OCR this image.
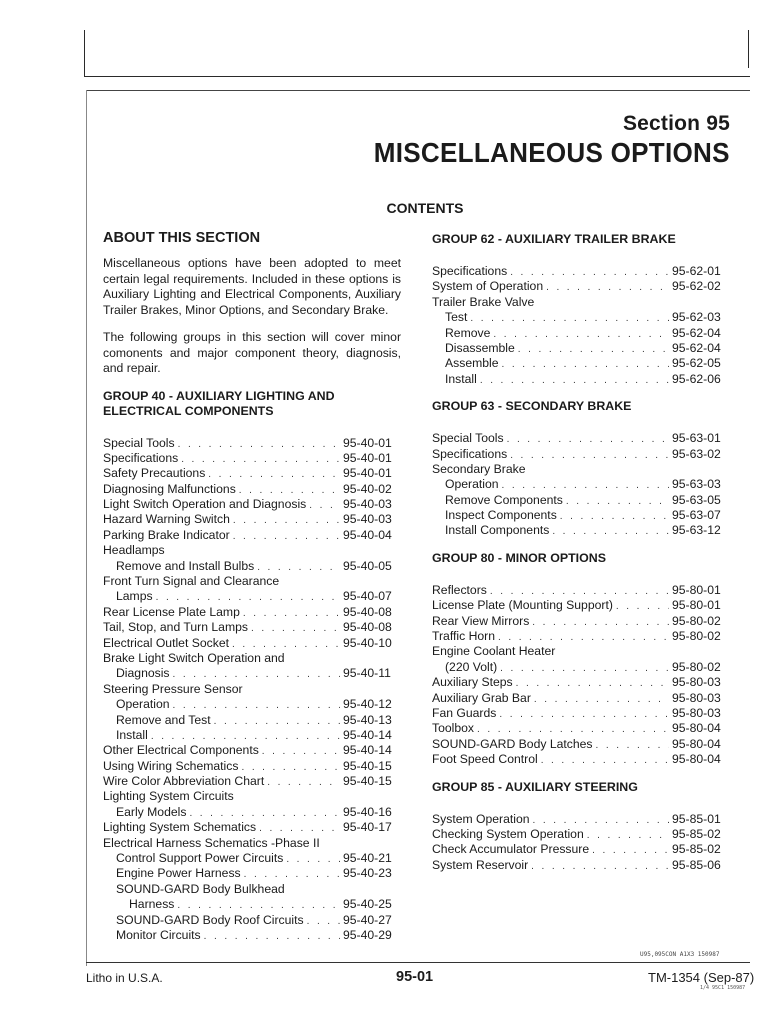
Section 95
MISCELLANEOUS OPTIONS
CONTENTS
ABOUT THIS SECTION
Miscellaneous options have been adopted to meet certain legal requirements. Included in these options is Auxiliary Lighting and Electrical Components, Auxiliary Trailer Brakes, Minor Options, and Secondary Brake.
The following groups in this section will cover minor comonents and major component theory, diagnosis, and repair.
GROUP 40 - AUXILIARY LIGHTING AND
ELECTRICAL COMPONENTS
Special Tools . . .	95-40-01
Specifications . . .	95-40-01
Safety Precautions . . .	95-40-01
Diagnosing Malfunctions . . .	95-40-02
Light Switch Operation and Diagnosis . . .	95-40-03
Hazard Warning Switch . . .	95-40-03
Parking Brake Indicator . . .	95-40-04
Headlamps
Remove and Install Bulbs . . .	95-40-05
Front Turn Signal and Clearance
Lamps . . .	95-40-07
Rear License Plate Lamp . . .	95-40-08
Tail, Stop, and Turn Lamps . . .	95-40-08
Electrical Outlet Socket . . .	95-40-10
Brake Light Switch Operation and
Diagnosis . . .	95-40-11
Steering Pressure Sensor
Operation . . .	95-40-12
Remove and Test . . .	95-40-13
Install . . .	95-40-14
Other Electrical Components . . .	95-40-14
Using Wiring Schematics . . .	95-40-15
Wire Color Abbreviation Chart . . .	95-40-15
Lighting System Circuits
Early Models . . .	95-40-16
Lighting System Schematics . . .	95-40-17
Electrical Harness Schematics -Phase II
Control Support Power Circuits . . .	95-40-21
Engine Power Harness . . .	95-40-23
SOUND-GARD Body Bulkhead
Harness . . .	95-40-25
SOUND-GARD Body Roof Circuits . . .	95-40-27
Monitor Circuits . . .	95-40-29
GROUP 62 - AUXILIARY TRAILER BRAKE
Specifications . . .	95-62-01
System of Operation . . .	95-62-02
Trailer Brake Valve
Test . . .	95-62-03
Remove . . .	95-62-04
Disassemble . . .	95-62-04
Assemble . . .	95-62-05
Install . . .	95-62-06
GROUP 63 - SECONDARY BRAKE
Special Tools . . .	95-63-01
Specifications . . .	95-63-02
Secondary Brake
Operation . . .	95-63-03
Remove Components . . .	95-63-05
Inspect Components . . .	95-63-07
Install Components . . .	95-63-12
GROUP 80 - MINOR OPTIONS
Reflectors . . .	95-80-01
License Plate (Mounting Support) . . .	95-80-01
Rear View Mirrors . . .	95-80-02
Traffic Horn . . .	95-80-02
Engine Coolant Heater
(220 Volt) . . .	95-80-02
Auxiliary Steps . . .	95-80-03
Auxiliary Grab Bar . . .	95-80-03
Fan Guards . . .	95-80-03
Toolbox . . .	95-80-04
SOUND-GARD Body Latches . . .	95-80-04
Foot Speed Control . . .	95-80-04
GROUP 85 - AUXILIARY STEERING
System Operation . . .	95-85-01
Checking System Operation . . .	95-85-02
Check Accumulator Pressure . . .	95-85-02
System Reservoir . . .	95-85-06
U95,095CON A1X3 150987
Litho in U.S.A.	95-01	TM-1354 (Sep-87)
1/4 95C1 150987
